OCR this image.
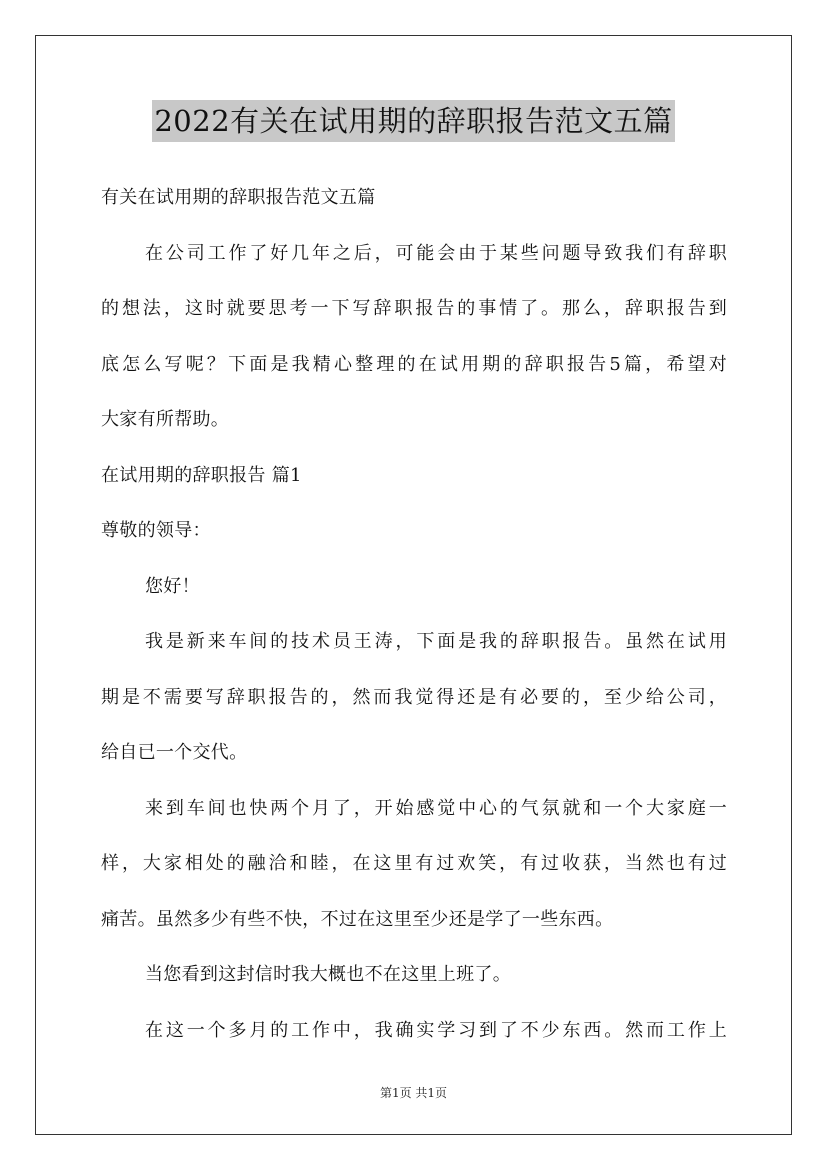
2022有关在试用期的辞职报告范文五篇
有关在试用期的辞职报告范文五篇
在公司工作了好几年之后，可能会由于某些问题导致我们有辞职
的想法，这时就要思考一下写辞职报告的事情了。那么，辞职报告到
底怎么写呢？下面是我精心整理的在试用期的辞职报告5篇，希望对
大家有所帮助。
在试用期的辞职报告 篇1
尊敬的领导：
您好！
我是新来车间的技术员王涛，下面是我的辞职报告。虽然在试用
期是不需要写辞职报告的，然而我觉得还是有必要的，至少给公司，
给自已一个交代。
来到车间也快两个月了，开始感觉中心的气氛就和一个大家庭一
样，大家相处的融洽和睦，在这里有过欢笑，有过收获，当然也有过
痛苦。虽然多少有些不快，不过在这里至少还是学了一些东西。
当您看到这封信时我大概也不在这里上班了。
在这一个多月的工作中，我确实学习到了不少东西。然而工作上
第1页 共1页
